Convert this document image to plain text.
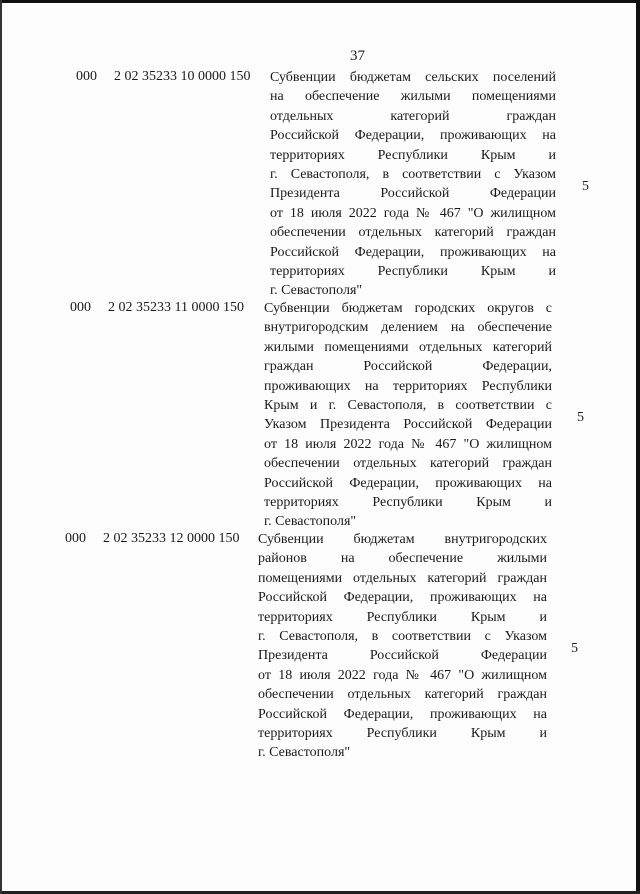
37
000 2 02 35233 10 0000 150 Субвенции бюджетам сельских поселений
на обеспечение жилыми помещениями
отдельных категорий граждан
Российской Федерации, проживающих на
территориях Республики Крым и
г. Севастополя, в соответствии с Указом
Президента Российской Федерации
от 18 июля 2022 года № 467 "О жилищном
обеспечении отдельных категорий граждан
Российской Федерации, проживающих на
территориях Республики Крым и
г. Севастополя"
5
000 2 02 35233 11 0000 150 Субвенции бюджетам городских округов с
внутригородским делением на обеспечение
жилыми помещениями отдельных категорий
граждан Российской Федерации,
проживающих на территориях Республики
Крым и г. Севастополя, в соответствии с
Указом Президента Российской Федерации
от 18 июля 2022 года № 467 "О жилищном
обеспечении отдельных категорий граждан
Российской Федерации, проживающих на
территориях Республики Крым и
г. Севастополя"
5
000 2 02 35233 12 0000 150 Субвенции бюджетам внутригородских
районов на обеспечение жилыми
помещениями отдельных категорий граждан
Российской Федерации, проживающих на
территориях Республики Крым и
г. Севастополя, в соответствии с Указом
Президента Российской Федерации
от 18 июля 2022 года № 467 "О жилищном
обеспечении отдельных категорий граждан
Российской Федерации, проживающих на
территориях Республики Крым и
г. Севастополя"
5
